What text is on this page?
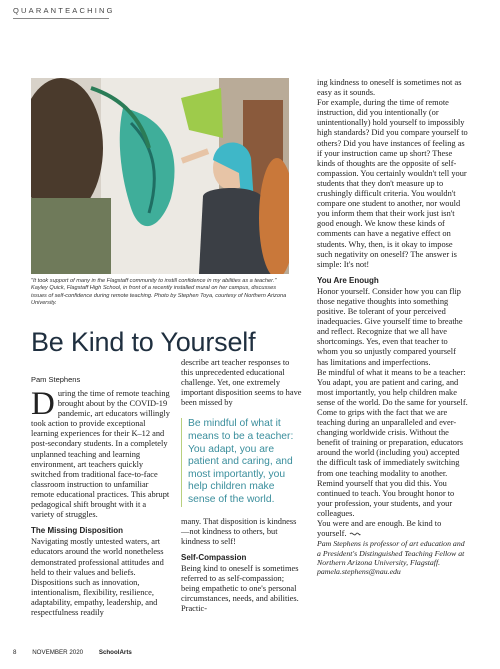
QUARANTEACHING
"It took support of many in the Flagstaff community to instill confidence in my abilities as a teacher." Kayley Quick, Flagstaff High School, in front of a recently installed mural on her campus, discusses issues of self-confidence during remote teaching. Photo by Stephen Toya, courtesy of Northern Arizona University.
Be Kind to Yourself
Pam Stephens

During the time of remote teaching brought about by the COVID-19 pandemic, art educators willingly took action to provide exceptional learning experiences for their K–12 and post-secondary students. In a completely unplanned teaching and learning environment, art teachers quickly switched from traditional face-to-face classroom instruction to unfamiliar remote educational practices. This abrupt pedagogical shift brought with it a variety of struggles.

The Missing Disposition

Navigating mostly untested waters, art educators around the world nonetheless demonstrated professional attitudes and held to their values and beliefs. Dispositions such as innovation, intentionalism, flexibility, resilience, adaptability, empathy, leadership, and respectfulness readily

describe art teacher responses to this unprecedented educational challenge. Yet, one extremely important disposition seems to have been missed by

Be mindful of what it means to be a teacher: You adapt, you are patient and caring, and most importantly, you help children make sense of the world.

many. That disposition is kindness—not kindness to others, but kindness to self!

Self-Compassion

Being kind to oneself is sometimes referred to as self-compassion; being empathetic to one's personal circumstances, needs, and abilities. Practic-

ing kindness to oneself is sometimes not as easy as it sounds.

For example, during the time of remote instruction, did you intentionally (or unintentionally) hold yourself to impossibly high standards? Did you compare yourself to others? Did you have instances of feeling as if your instruction came up short? These kinds of thoughts are the opposite of self-compassion. You certainly wouldn't tell your students that they don't measure up to crushingly difficult criteria. You wouldn't compare one student to another, nor would you inform them that their work just isn't good enough. We know these kinds of comments can have a negative effect on students. Why, then, is it okay to impose such negativity on oneself? The answer is simple: It's not!

You Are Enough

Honor yourself. Consider how you can flip those negative thoughts into something positive. Be tolerant of your perceived inadequacies. Give yourself time to breathe and reflect. Recognize that we all have shortcomings. Yes, even that teacher to whom you so unjustly compared yourself has limitations and imperfections.

Be mindful of what it means to be a teacher: You adapt, you are patient and caring, and most importantly, you help children make sense of the world. Do the same for yourself.

Come to grips with the fact that we are teaching during an unparalleled and ever-changing worldwide crisis. Without the benefit of training or preparation, educators around the world (including you) accepted the difficult task of immediately switching from one teaching modality to another. Remind yourself that you did this. You continued to teach. You brought honor to your profession, your students, and your colleagues.

You were and are enough. Be kind to yourself.

Pam Stephens is professor of art education and a President's Distinguished Teaching Fellow at Northern Arizona University, Flagstaff. pamela.stephens@nau.edu

8	NOVEMBER 2020	SchoolArts
